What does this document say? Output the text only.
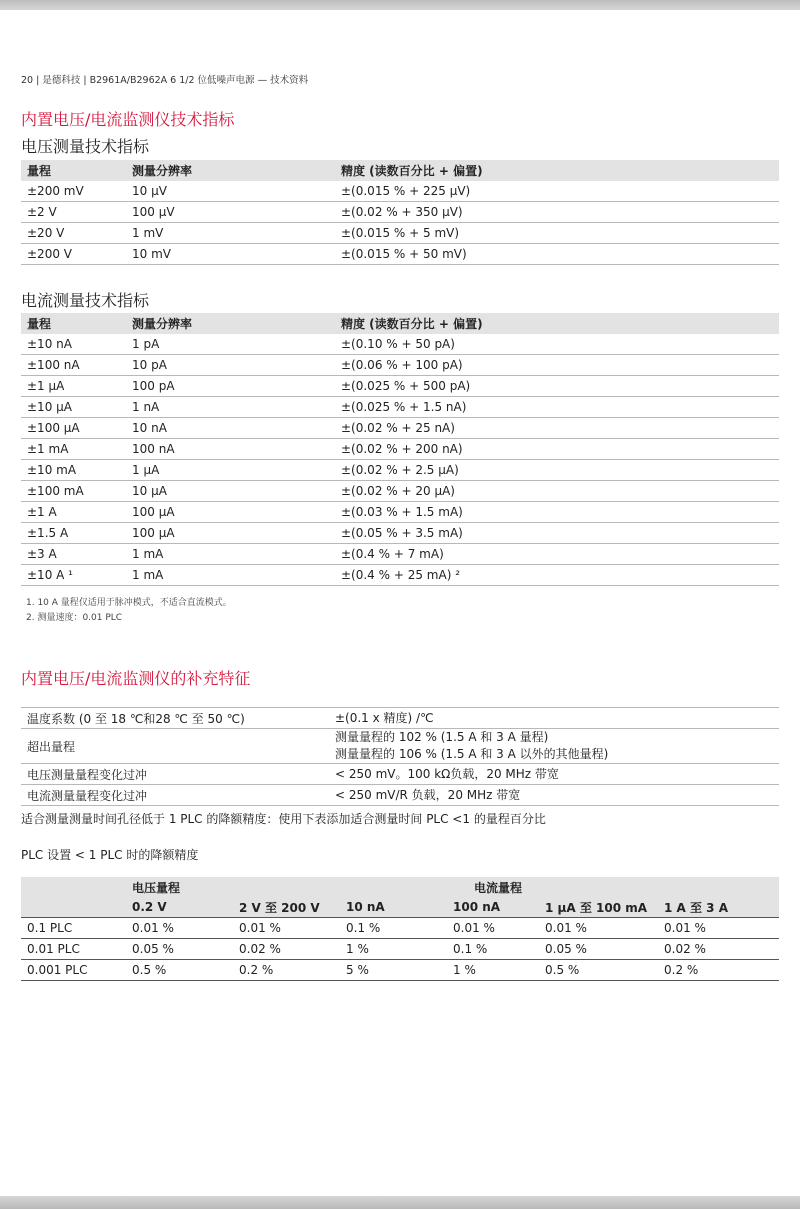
20 | 是德科技 | B2961A/B2962A 6 1/2 位低噪声电源 — 技术资料
内置电压/电流监测仪技术指标
电压测量技术指标
量程	测量分辨率	精度 (读数百分比 + 偏置)
±200 mV	10 μV	±(0.015 % + 225 μV)
±2 V	100 μV	±(0.02 % + 350 μV)
±20 V	1 mV	±(0.015 % + 5 mV)
±200 V	10 mV	±(0.015 % + 50 mV)
电流测量技术指标
量程	测量分辨率	精度 (读数百分比 + 偏置)
±10 nA	1 pA	±(0.10 % + 50 pA)
±100 nA	10 pA	±(0.06 % + 100 pA)
±1 μA	100 pA	±(0.025 % + 500 pA)
±10 μA	1 nA	±(0.025 % + 1.5 nA)
±100 μA	10 nA	±(0.02 % + 25 nA)
±1 mA	100 nA	±(0.02 % + 200 nA)
±10 mA	1 μA	±(0.02 % + 2.5 μA)
±100 mA	10 μA	±(0.02 % + 20 μA)
±1 A	100 μA	±(0.03 % + 1.5 mA)
±1.5 A	100 μA	±(0.05 % + 3.5 mA)
±3 A	1 mA	±(0.4 % + 7 mA)
±10 A ¹	1 mA	±(0.4 % + 25 mA) ²
1. 10 A 量程仅适用于脉冲模式，不适合直流模式。
2. 测量速度：0.01 PLC
内置电压/电流监测仪的补充特征
温度系数 (0 至 18 ℃和28 ℃ 至 50 ℃)	±(0.1 x 精度) /℃

超出量程	测量量程的 102 % (1.5 A 和 3 A 量程)
测量量程的 106 % (1.5 A 和 3 A 以外的其他量程)

电压测量量程变化过冲	< 250 mV。100 kΩ负载，20 MHz 带宽

电流测量量程变化过冲	< 250 mV/R 负载，20 MHz 带宽
适合测量测量时间孔径低于 1 PLC 的降额精度：使用下表添加适合测量时间 PLC <1 的量程百分比
PLC 设置 < 1 PLC 时的降额精度
	电压量程		电流量程			
	0.2 V	2 V 至 200 V	10 nA	100 nA	1 μA 至 100 mA	1 A 至 3 A
0.1 PLC	0.01 %	0.01 %	0.1 %	0.01 %	0.01 %	0.01 %
0.01 PLC	0.05 %	0.02 %	1 %	0.1 %	0.05 %	0.02 %
0.001 PLC	0.5 %	0.2 %	5 %	1 %	0.5 %	0.2 %
